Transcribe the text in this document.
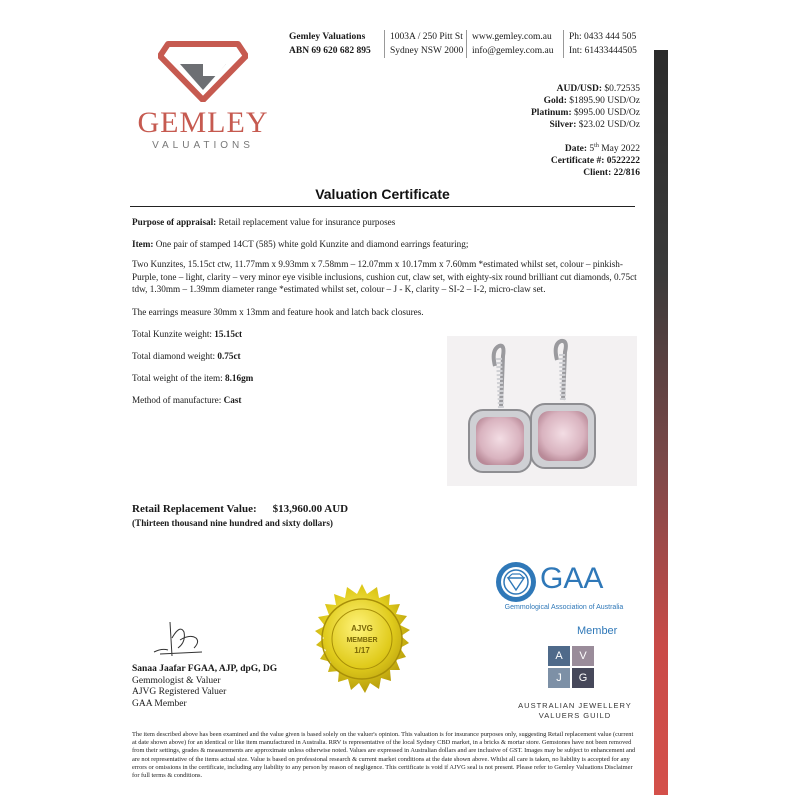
GEMLEY
VALUATIONS
Gemley Valuations
ABN 69 620 682 895
1003A / 250 Pitt St
Sydney NSW 2000
www.gemley.com.au
info@gemley.com.au
Ph: 0433 444 505
Int: 61433444505
AUD/USD: $0.72535
Gold: $1895.90 USD/Oz
Platinum: $995.00 USD/Oz
Silver: $23.02 USD/Oz
Date: 5th May 2022
Certificate #: 0522222
Client: 22/816
Valuation Certificate
Purpose of appraisal: Retail replacement value for insurance purposes
Item: One pair of stamped 14CT (585) white gold Kunzite and diamond earrings featuring;
Two Kunzites, 15.15ct ctw, 11.77mm x 9.93mm x 7.58mm – 12.07mm x 10.17mm x 7.60mm *estimated whilst set, colour – pinkish-Purple, tone – light, clarity – very minor eye visible inclusions, cushion cut, claw set, with eighty-six round brilliant cut diamonds, 0.75ct tdw, 1.30mm – 1.39mm diameter range *estimated whilst set, colour – J - K, clarity – SI-2 – I-2, micro-claw set.
The earrings measure 30mm x 13mm and feature hook and latch back closures.
Total Kunzite weight: 15.15ct
Total diamond weight: 0.75ct
Total weight of the item: 8.16gm
Method of manufacture: Cast
Retail Replacement Value: $13,960.00 AUD
(Thirteen thousand nine hundred and sixty dollars)
AJVG
MEMBER
1/17
GAA
Gemmological Association of Australia
Member
A	V
J	G
AUSTRALIAN JEWELLERY
VALUERS GUILD
Sanaa Jaafar FGAA, AJP, dpG, DG
Gemmologist & Valuer
AJVG Registered Valuer
GAA Member
The item described above has been examined and the value given is based solely on the valuer's opinion. This valuation is for insurance purposes only, suggesting Retail replacement value (current at date shown above) for an identical or like item manufactured in Australia. RRV is representative of the local Sydney CBD market, in a bricks & mortar store. Gemstones have not been removed from their settings, grades & measurements are approximate unless otherwise noted. Values are expressed in Australian dollars and are inclusive of GST. Images may be subject to enhancement and are not representative of the items actual size. Value is based on professional research & current market conditions at the date shown above. Whilst all care is taken, no liability is accepted for any errors or omissions in the certificate, including any liability to any person by reason of negligence. This certificate is void if AJVG seal is not present. Please refer to Gemley Valuations Disclaimer for full terms & conditions.
